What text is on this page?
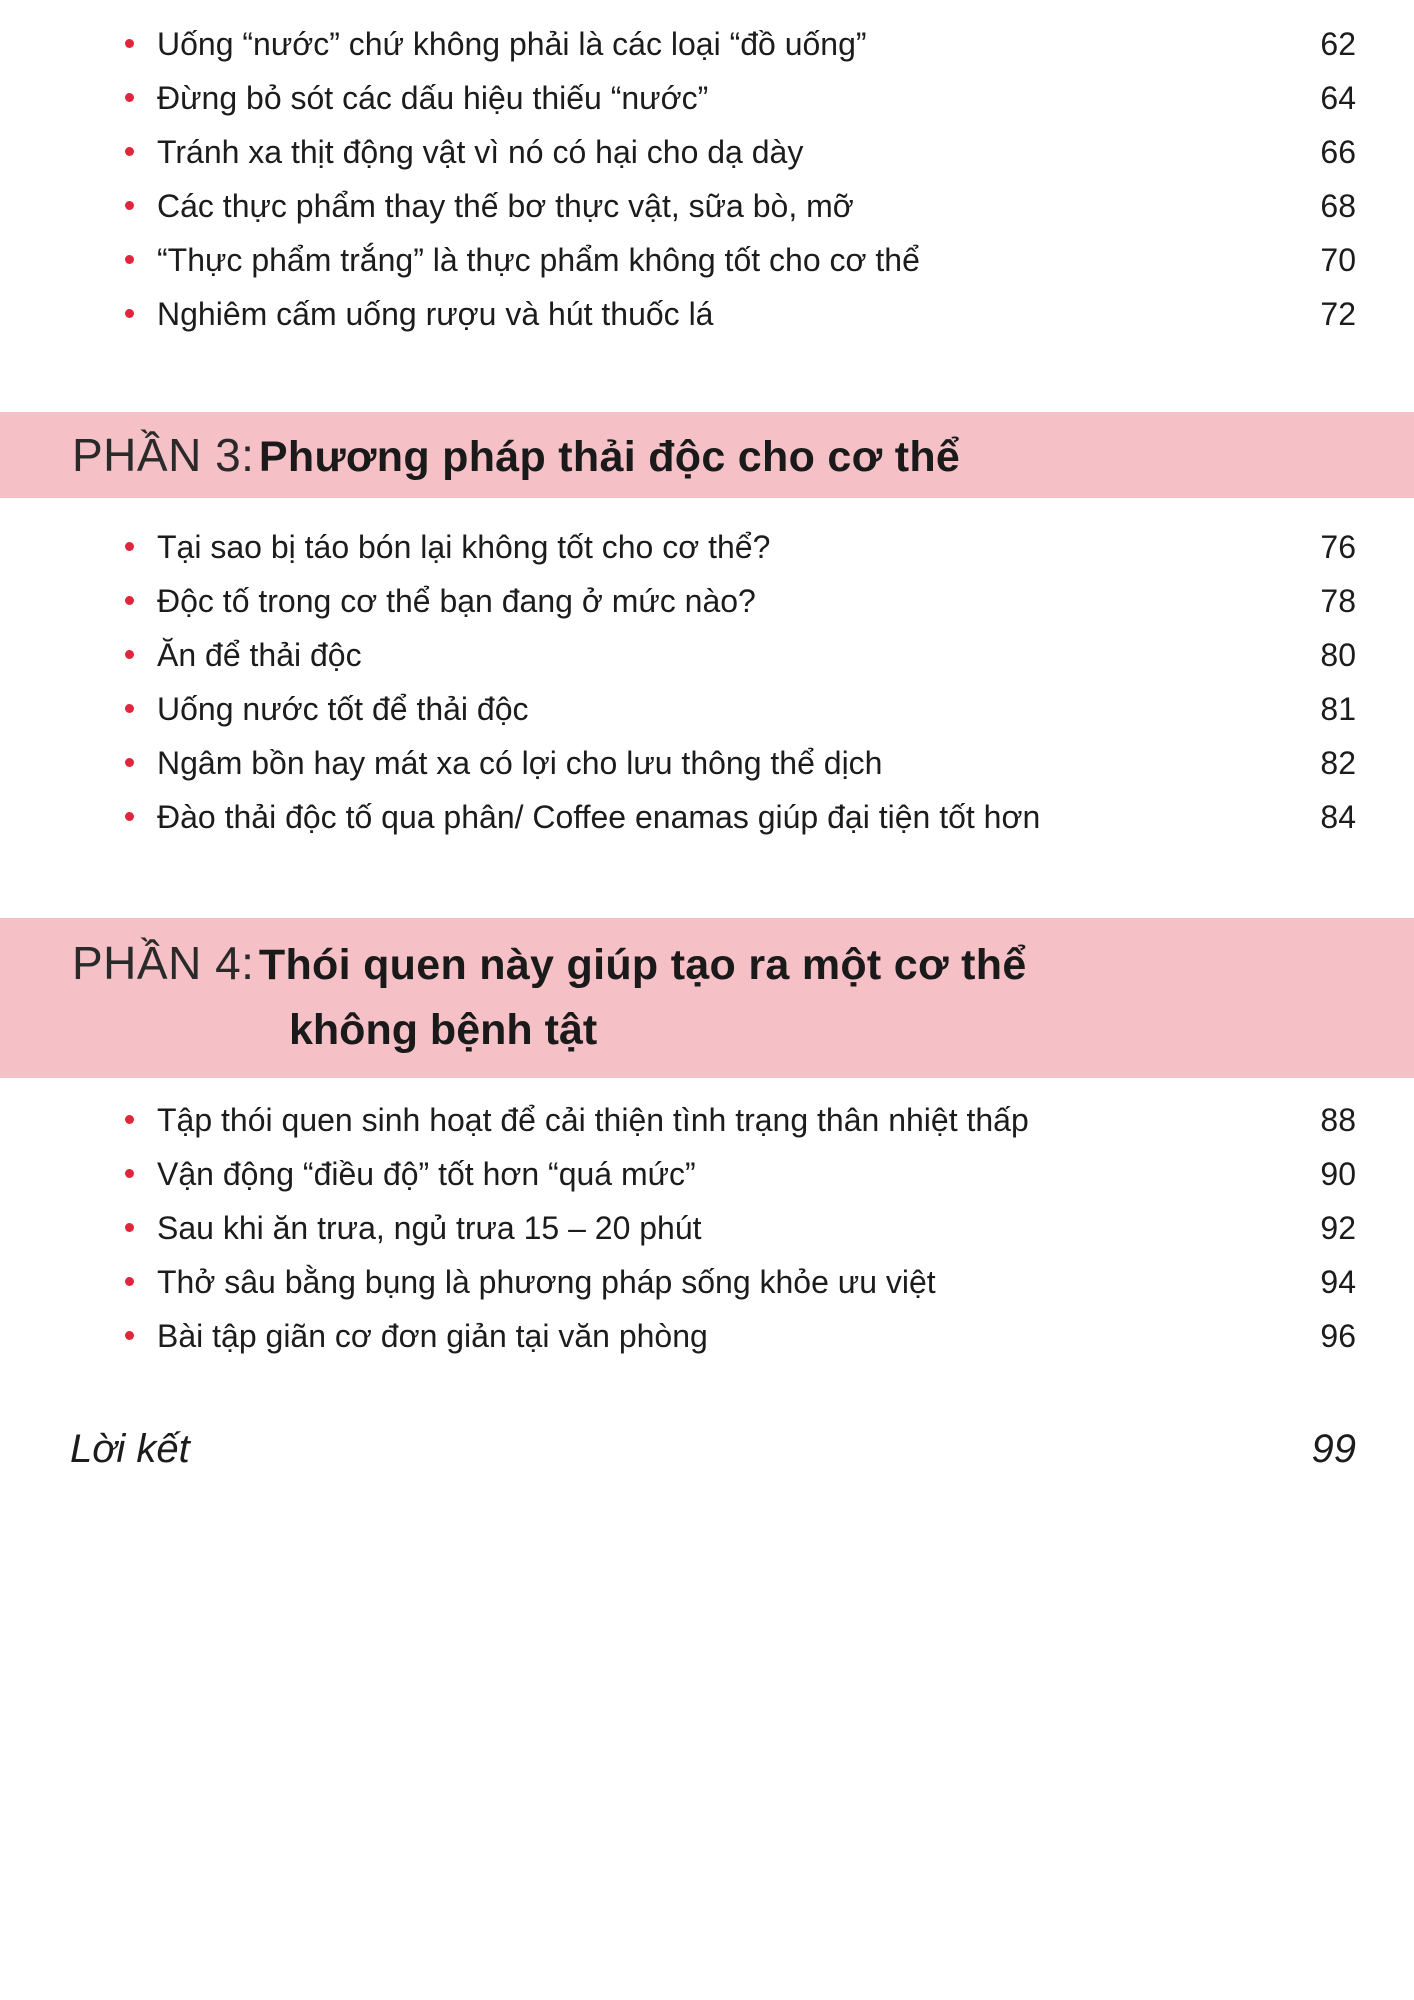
Uống “nước” chứ không phải là các loại “đồ uống”	62
Đừng bỏ sót các dấu hiệu thiếu “nước”	64
Tránh xa thịt động vật vì nó có hại cho dạ dày	66
Các thực phẩm thay thế bơ thực vật, sữa bò, mỡ	68
“Thực phẩm trắng” là thực phẩm không tốt cho cơ thể	70
Nghiêm cấm uống rượu và hút thuốc lá	72
PHẦN 3: Phương pháp thải độc cho cơ thể
Tại sao bị táo bón lại không tốt cho cơ thể?	76
Độc tố trong cơ thể bạn đang ở mức nào?	78
Ăn để thải độc	80
Uống nước tốt để thải độc	81
Ngâm bồn hay mát xa có lợi cho lưu thông thể dịch	82
Đào thải độc tố qua phân/ Coffee enamas giúp đại tiện tốt hơn	84
PHẦN 4: Thói quen này giúp tạo ra một cơ thể
không bệnh tật
Tập thói quen sinh hoạt để cải thiện tình trạng thân nhiệt thấp	88
Vận động “điều độ” tốt hơn “quá mức”	90
Sau khi ăn trưa, ngủ trưa 15 – 20 phút	92
Thở sâu bằng bụng là phương pháp sống khỏe ưu việt	94
Bài tập giãn cơ đơn giản tại văn phòng	96
Lời kết	99
